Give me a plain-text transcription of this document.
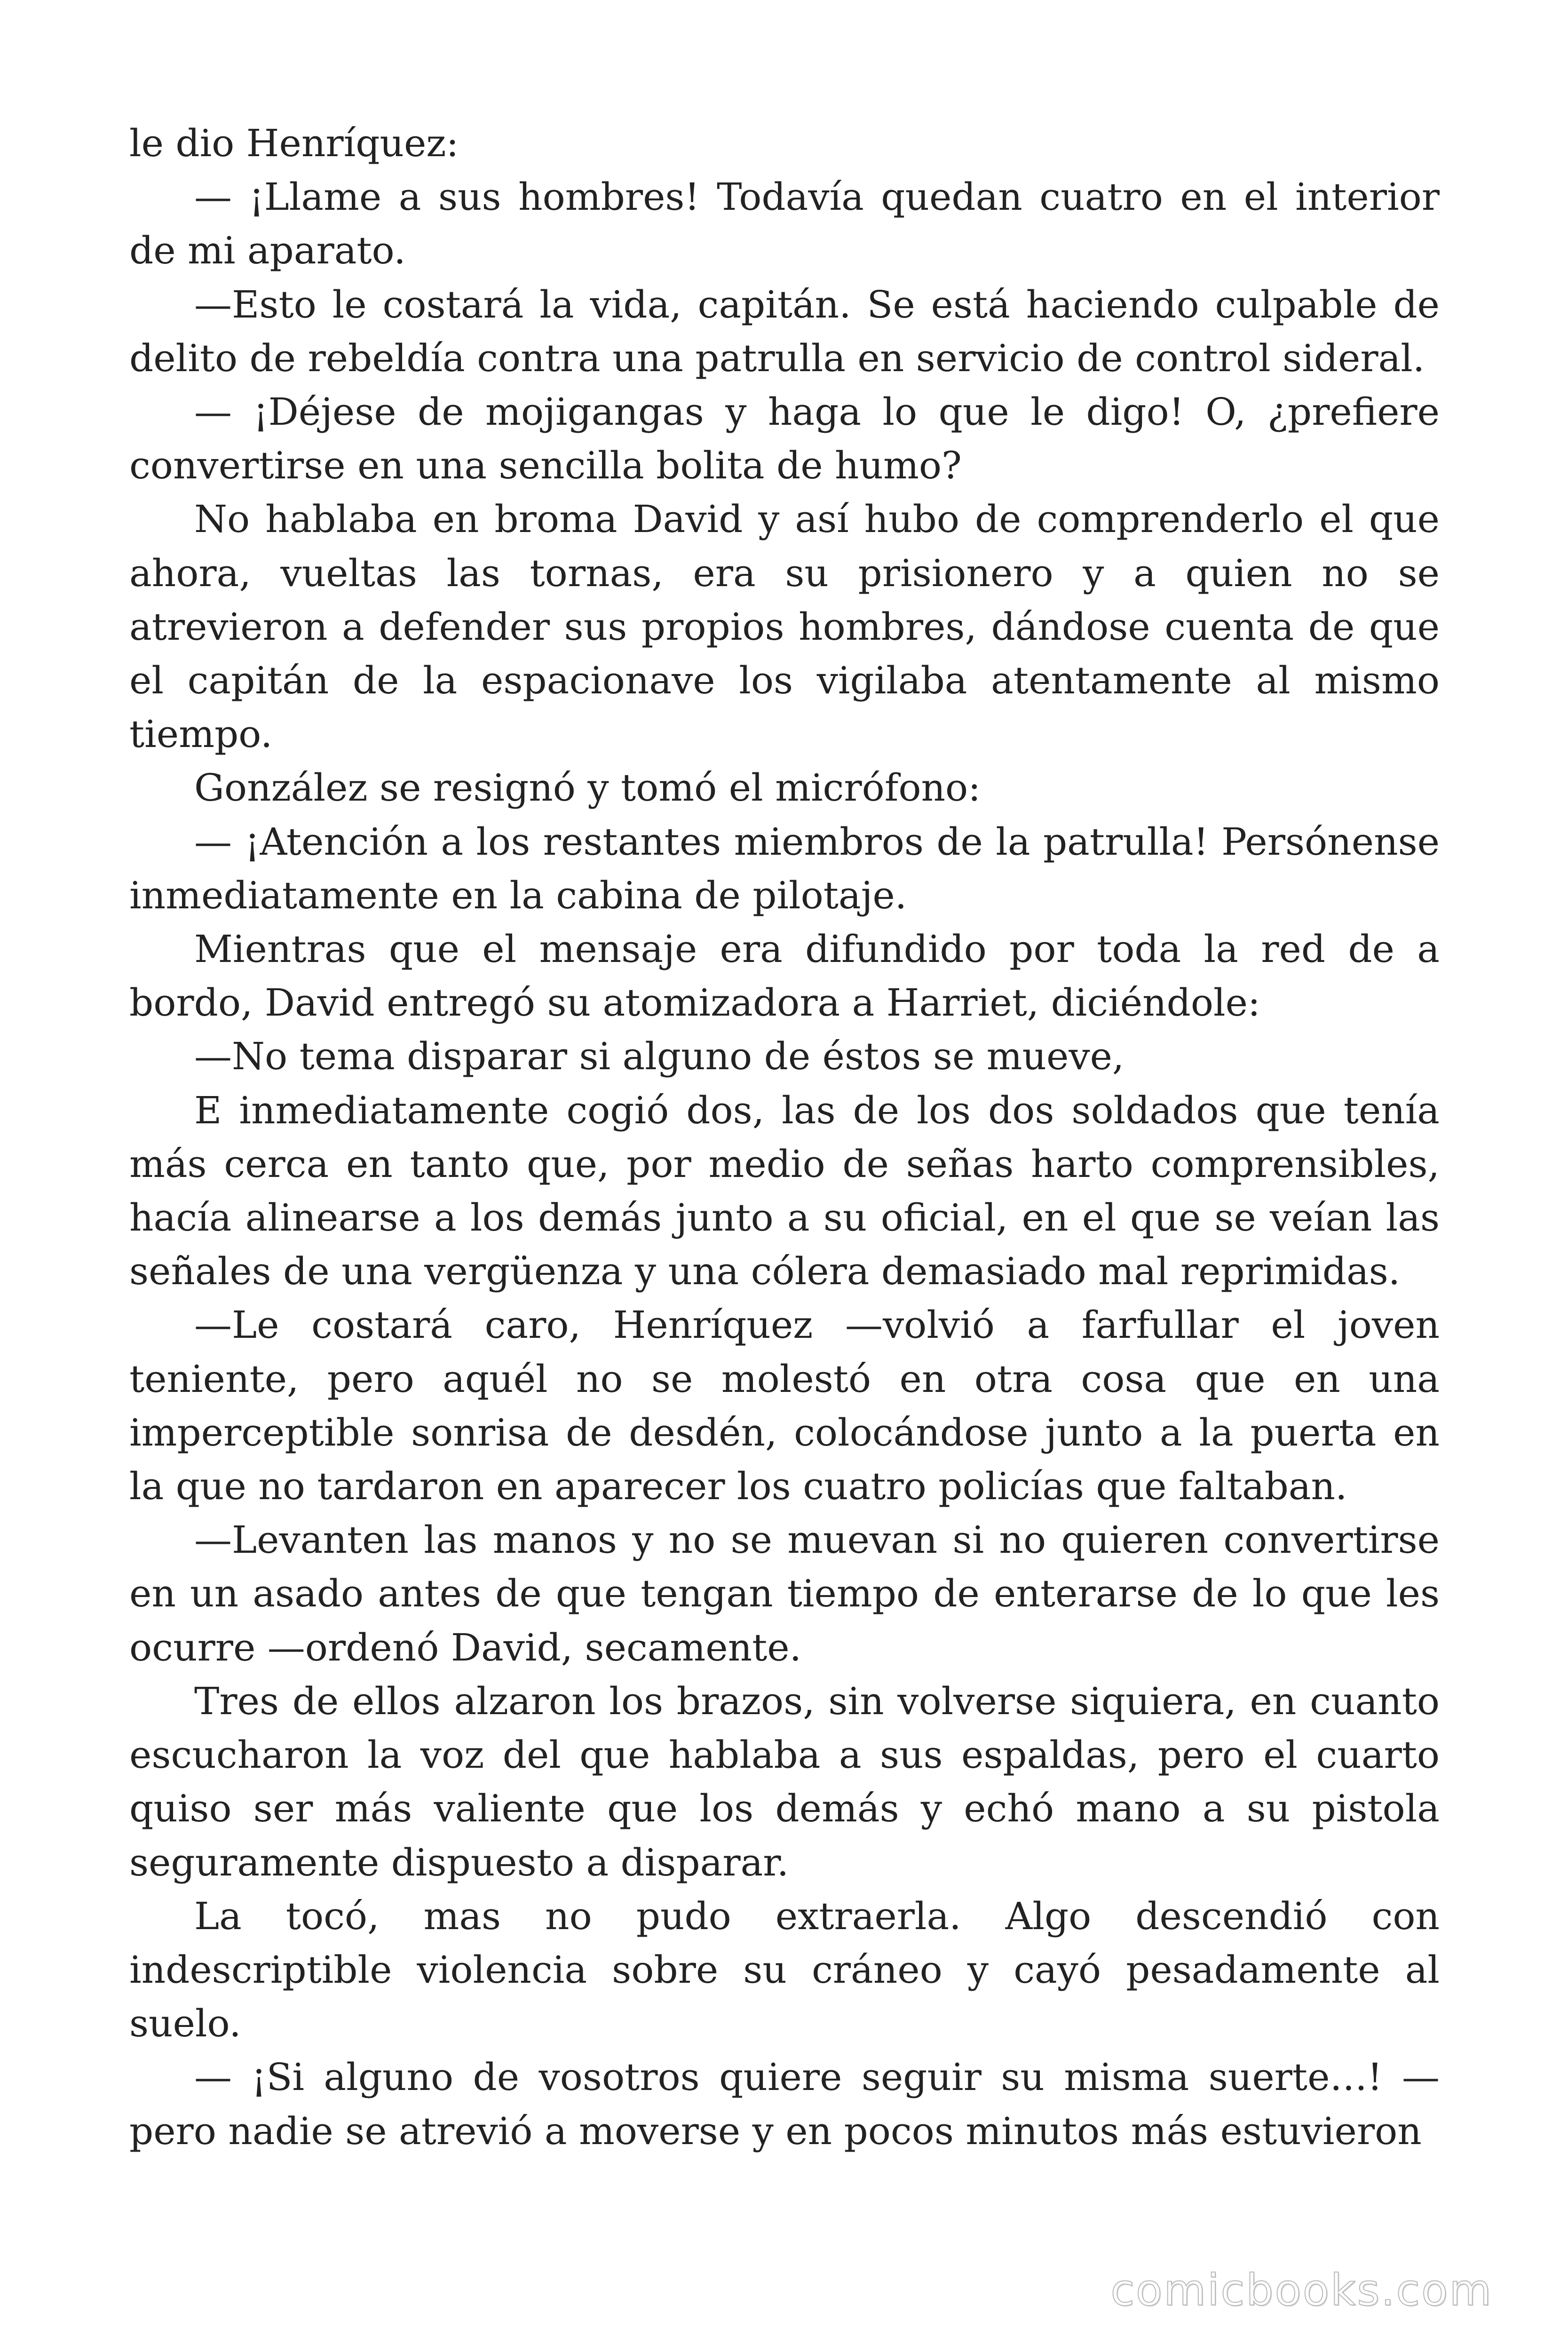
le dio Henríquez:

— ¡Llame a sus hombres! Todavía quedan cuatro en el interior de mi aparato.

—Esto le costará la vida, capitán. Se está haciendo culpable de delito de rebeldía contra una patrulla en servicio de control sideral.

— ¡Déjese de mojigangas y haga lo que le digo! O, ¿prefiere convertirse en una sencilla bolita de humo?

No hablaba en broma David y así hubo de comprenderlo el que ahora, vueltas las tornas, era su prisionero y a quien no se atrevieron a defender sus propios hombres, dándose cuenta de que el capitán de la espacionave los vigilaba atentamente al mismo tiempo.

González se resignó y tomó el micrófono:

— ¡Atención a los restantes miembros de la patrulla! Persónense inmediatamente en la cabina de pilotaje.

Mientras que el mensaje era difundido por toda la red de a bordo, David entregó su atomizadora a Harriet, diciéndole:

—No tema disparar si alguno de éstos se mueve,

E inmediatamente cogió dos, las de los dos soldados que tenía más cerca en tanto que, por medio de señas harto comprensibles, hacía alinearse a los demás junto a su oficial, en el que se veían las señales de una vergüenza y una cólera demasiado mal reprimidas.

—Le costará caro, Henríquez —volvió a farfullar el joven teniente, pero aquél no se molestó en otra cosa que en una imperceptible sonrisa de desdén, colocándose junto a la puerta en la que no tardaron en aparecer los cuatro policías que faltaban.

—Levanten las manos y no se muevan si no quieren convertirse en un asado antes de que tengan tiempo de enterarse de lo que les ocurre —ordenó David, secamente.

Tres de ellos alzaron los brazos, sin volverse siquiera, en cuanto escucharon la voz del que hablaba a sus espaldas, pero el cuarto quiso ser más valiente que los demás y echó mano a su pistola seguramente dispuesto a disparar.

La tocó, mas no pudo extraerla. Algo descendió con indescriptible violencia sobre su cráneo y cayó pesadamente al suelo.

— ¡Si alguno de vosotros quiere seguir su misma suerte…! —pero nadie se atrevió a moverse y en pocos minutos más estuvieron

comicbooks.com
